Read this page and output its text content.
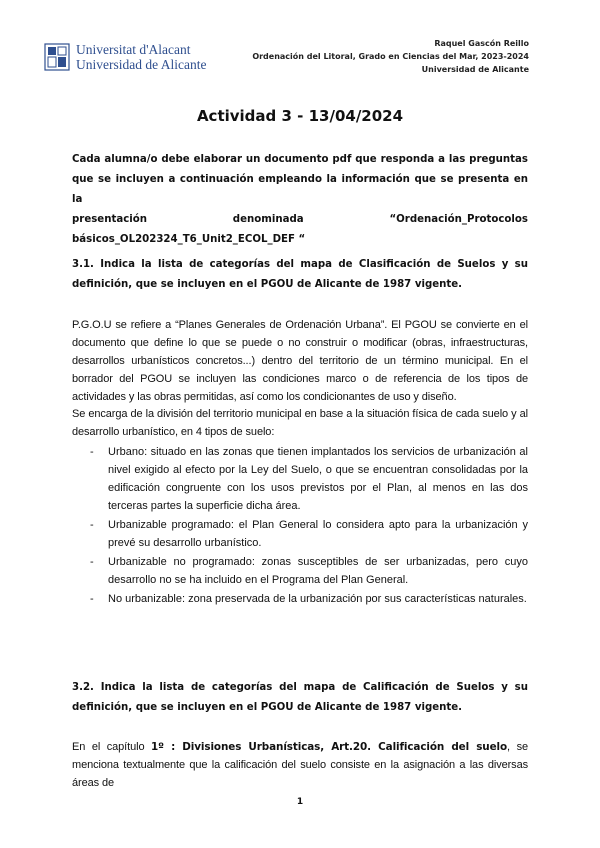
Universitat d'Alacant
Universidad de Alicante
Raquel Gascón Reillo
Ordenación del Litoral, Grado en Ciencias del Mar, 2023-2024
Universidad de Alicante
Actividad 3 - 13/04/2024
Cada alumna/o debe elaborar un documento pdf que responda a las preguntas que se incluyen a continuación empleando la información que se presenta en la
presentación	denominada	“Ordenación_Protocolos
básicos_OL202324_T6_Unit2_ECOL_DEF “
3.1. Indica la lista de categorías del mapa de Clasificación de Suelos y su definición, que se incluyen en el PGOU de Alicante de 1987 vigente.
P.G.O.U se refiere a “Planes Generales de Ordenación Urbana”. El PGOU se convierte en el documento que define lo que se puede o no construir o modificar (obras, infraestructuras, desarrollos urbanísticos concretos...) dentro del territorio de un término municipal. En el borrador del PGOU se incluyen las condiciones marco o de referencia de los tipos de actividades y las obras permitidas, así como los condicionantes de uso y diseño.
Se encarga de la división del territorio municipal en base a la situación física de cada suelo y al desarrollo urbanístico, en 4 tipos de suelo:
- Urbano: situado en las zonas que tienen implantados los servicios de urbanización al nivel exigido al efecto por la Ley del Suelo, o que se encuentran consolidadas por la edificación congruente con los usos previstos por el Plan, al menos en las dos terceras partes la superficie dicha área.
- Urbanizable programado: el Plan General lo considera apto para la urbanización y prevé su desarrollo urbanístico.
- Urbanizable no programado: zonas susceptibles de ser urbanizadas, pero cuyo desarrollo no se ha incluido en el Programa del Plan General.
- No urbanizable: zona preservada de la urbanización por sus características naturales.
3.2. Indica la lista de categorías del mapa de Calificación de Suelos y su definición, que se incluyen en el PGOU de Alicante de 1987 vigente.
En el capítulo 1º : Divisiones Urbanísticas, Art.20. Calificación del suelo, se menciona textualmente que la calificación del suelo consiste en la asignación a las diversas áreas de
1
